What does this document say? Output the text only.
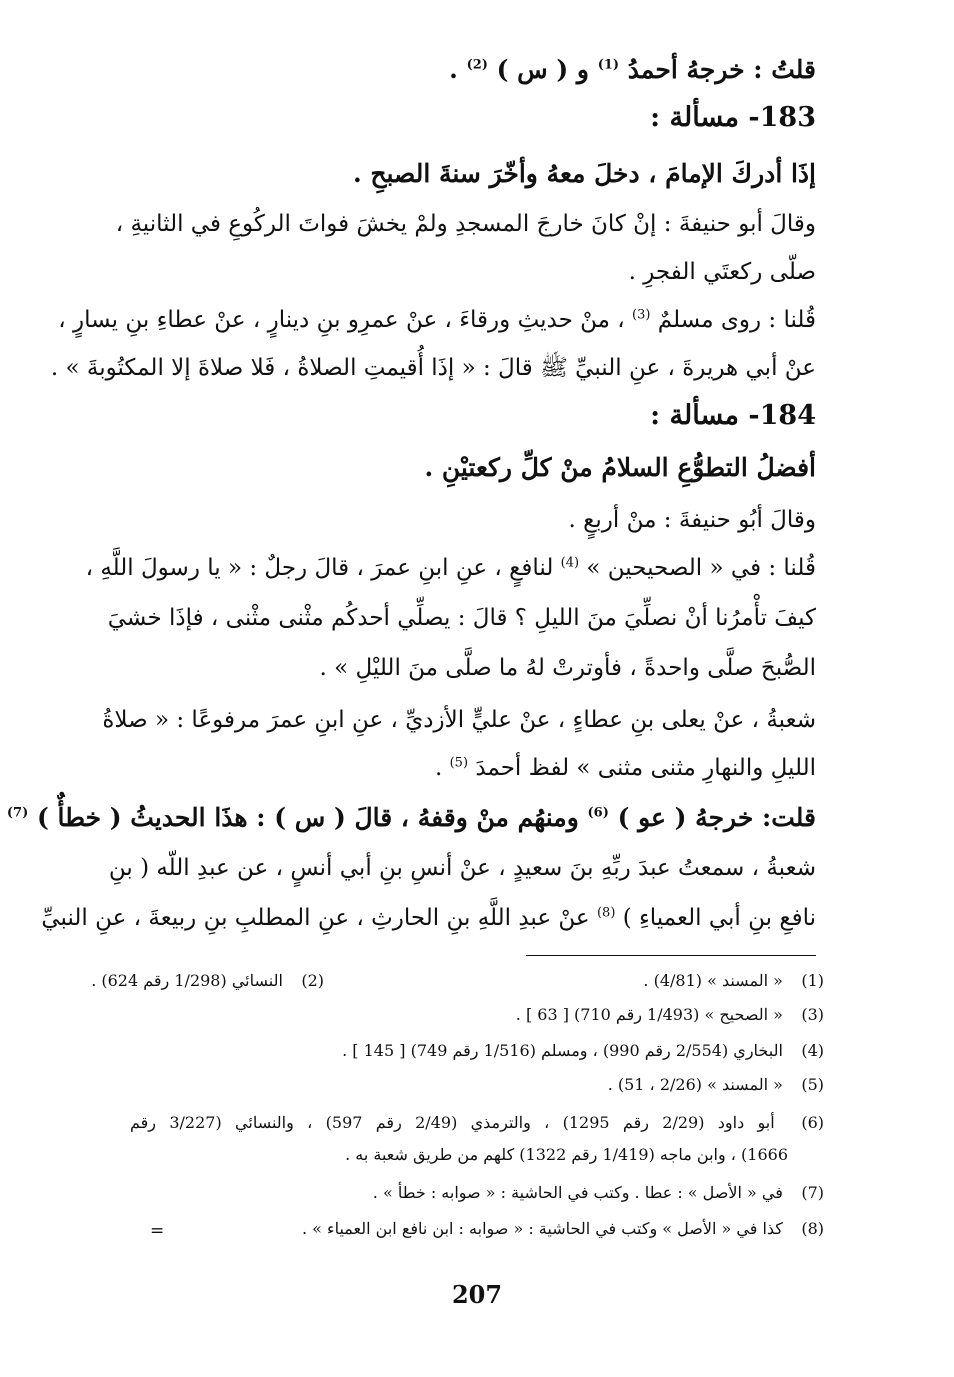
قلتُ : خرجهُ أحمدُ $^{(1)}$ و ( س ) $^{(2)}$ .
183- مسألة :
إذَا أدركَ الإمامَ ، دخلَ معهُ وأخّرَ سنةَ الصبحِ .
وقالَ أبو حنيفةَ : إنْ كانَ خارجَ المسجدِ ولمْ يخشَ فواتَ الركُوعِ في الثانيةِ ،
صلّى ركعتَي الفجرِ .
قُلنا : روى مسلمٌ $^{(3)}$ ، منْ حديثِ ورقاءَ ، عنْ عمرِو بنِ دينارٍ ، عنْ عطاءِ بنِ يسارٍ ،
عنْ أبي هريرةَ ، عنِ النبيِّ ﷺ قالَ : « إذَا أُقيمتِ الصلاةُ ، فَلا صلاةَ إلا المكتُوبةَ » .
184- مسألة :
أفضلُ التطوُّعِ السلامُ منْ كلِّ ركعتيْنِ .
وقالَ أبُو حنيفةَ : منْ أربعٍ .
قُلنا : في « الصحيحين » $^{(4)}$ لنافعٍ ، عنِ ابنِ عمرَ ، قالَ رجلٌ : « يا رسولَ اللَّهِ ،
كيفَ تأْمرُنا أنْ نصلِّيَ منَ الليلِ ؟ قالَ : يصلِّي أحدكُم مثْنى مثْنى ، فإذَا خشيَ
الصُّبحَ صلَّى واحدةً ، فأوترتْ لهُ ما صلَّى منَ الليْلِ » .
شعبةُ ، عنْ يعلى بنِ عطاءٍ ، عنْ عليٍّ الأزديِّ ، عنِ ابنِ عمرَ مرفوعًا : « صلاةُ
الليلِ والنهارِ مثنى مثنى » لفظ أحمدَ $^{(5)}$ .
قلت: خرجهُ ( عو ) $^{(6)}$ ومنهُم منْ وقفهُ ، قالَ ( س ) : هذَا الحديثُ ( خطأٌ ) $^{(7)}$
شعبةُ ، سمعتُ عبدَ ربِّهِ بنَ سعيدٍ ، عنْ أنسِ بنِ أبي أنسٍ ، عن عبدِ اللّه ( بنِ
نافعِ بنِ أبي العمياءِ ) $^{(8)}$ عنْ عبدِ اللَّهِ بنِ الحارثِ ، عنِ المطلبِ بنِ ربيعةَ ، عنِ النبيِّ
(1) « المسند » (4/81) .
(2) النسائي (1/298 رقم 624) .
(3) « الصحيح » (1/493 رقم 710) [ 63 ] .
(4) البخاري (2/554 رقم 990) ، ومسلم (1/516 رقم 749) [ 145 ] .
(5) « المسند » (2/26 ، 51) .
(6) أبو داود (2/29 رقم 1295) ، والترمذي (2/49 رقم 597) ، والنسائي (3/227 رقم
1666) ، وابن ماجه (1/419 رقم 1322) كلهم من طريق شعبة به .
(7) في « الأصل » : عطا . وكتب في الحاشية : « صوابه : خطأ » .
(8) كذا في « الأصل » وكتب في الحاشية : « صوابه : ابن نافع ابن العمياء » .
=
207
